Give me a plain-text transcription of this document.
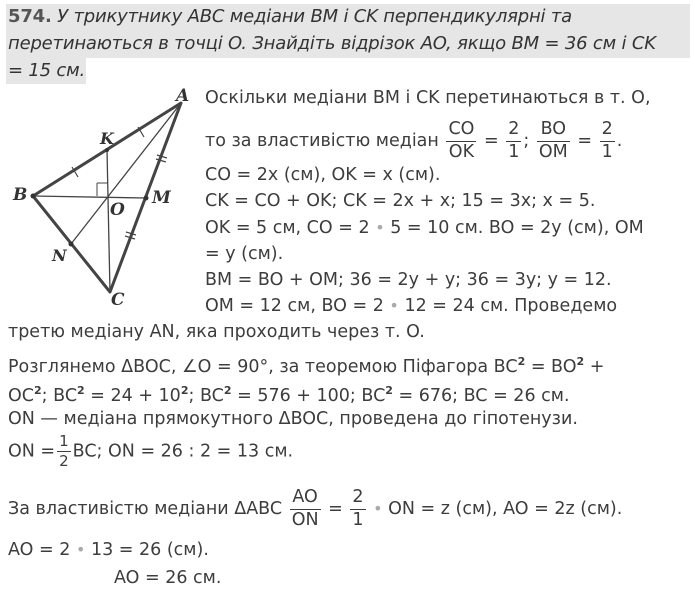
574. У трикутнику ABC медіани BM і CK перпендикулярні та
перетинаються в точці O. Знайдіть відрізок AO, якщо BM = 36 см і CK
= 15 см.
A
B
C
K
M
N
O
Оскільки медіани BM і CK перетинаються в т. O,
то за властивістю медіан $\frac{CO}{OK} = \frac{2}{1}$ ; $\frac{BO}{OM} = \frac{2}{1}$ .
CO = 2x (см), OK = x (см).
CK = CO + OK; CK = 2x + x; 15 = 3x; x = 5.
OK = 5 см, CO = 2 • 5 = 10 см. BO = 2y (см), OM
= y (см).
BM = BO + OM; 36 = 2y + y; 36 = 3y; y = 12.
OM = 12 см, BO = 2 • 12 = 24 см. Проведемо
третю медіану AN, яка проходить через т. O.
Розглянемо ΔBOC, ∠O = 90°, за теоремою Піфагора $BC^2 = BO^2$ +
$OC^2$; $BC^2 = 24 + 10^2$; $BC^2 = 576 + 100$; $BC^2 = 676$; BC = 26 см.
ON — медіана прямокутного ΔBOC, проведена до гіпотенузи.
ON = $\frac{1}{2}$ BC; ON = 26 : 2 = 13 см.
За властивістю медіани ΔABC $\frac{AO}{ON} = \frac{2}{1}$ • ON = z (см), AO = 2z (см).
AO = 2 • 13 = 26 (см).
AO = 26 см.
